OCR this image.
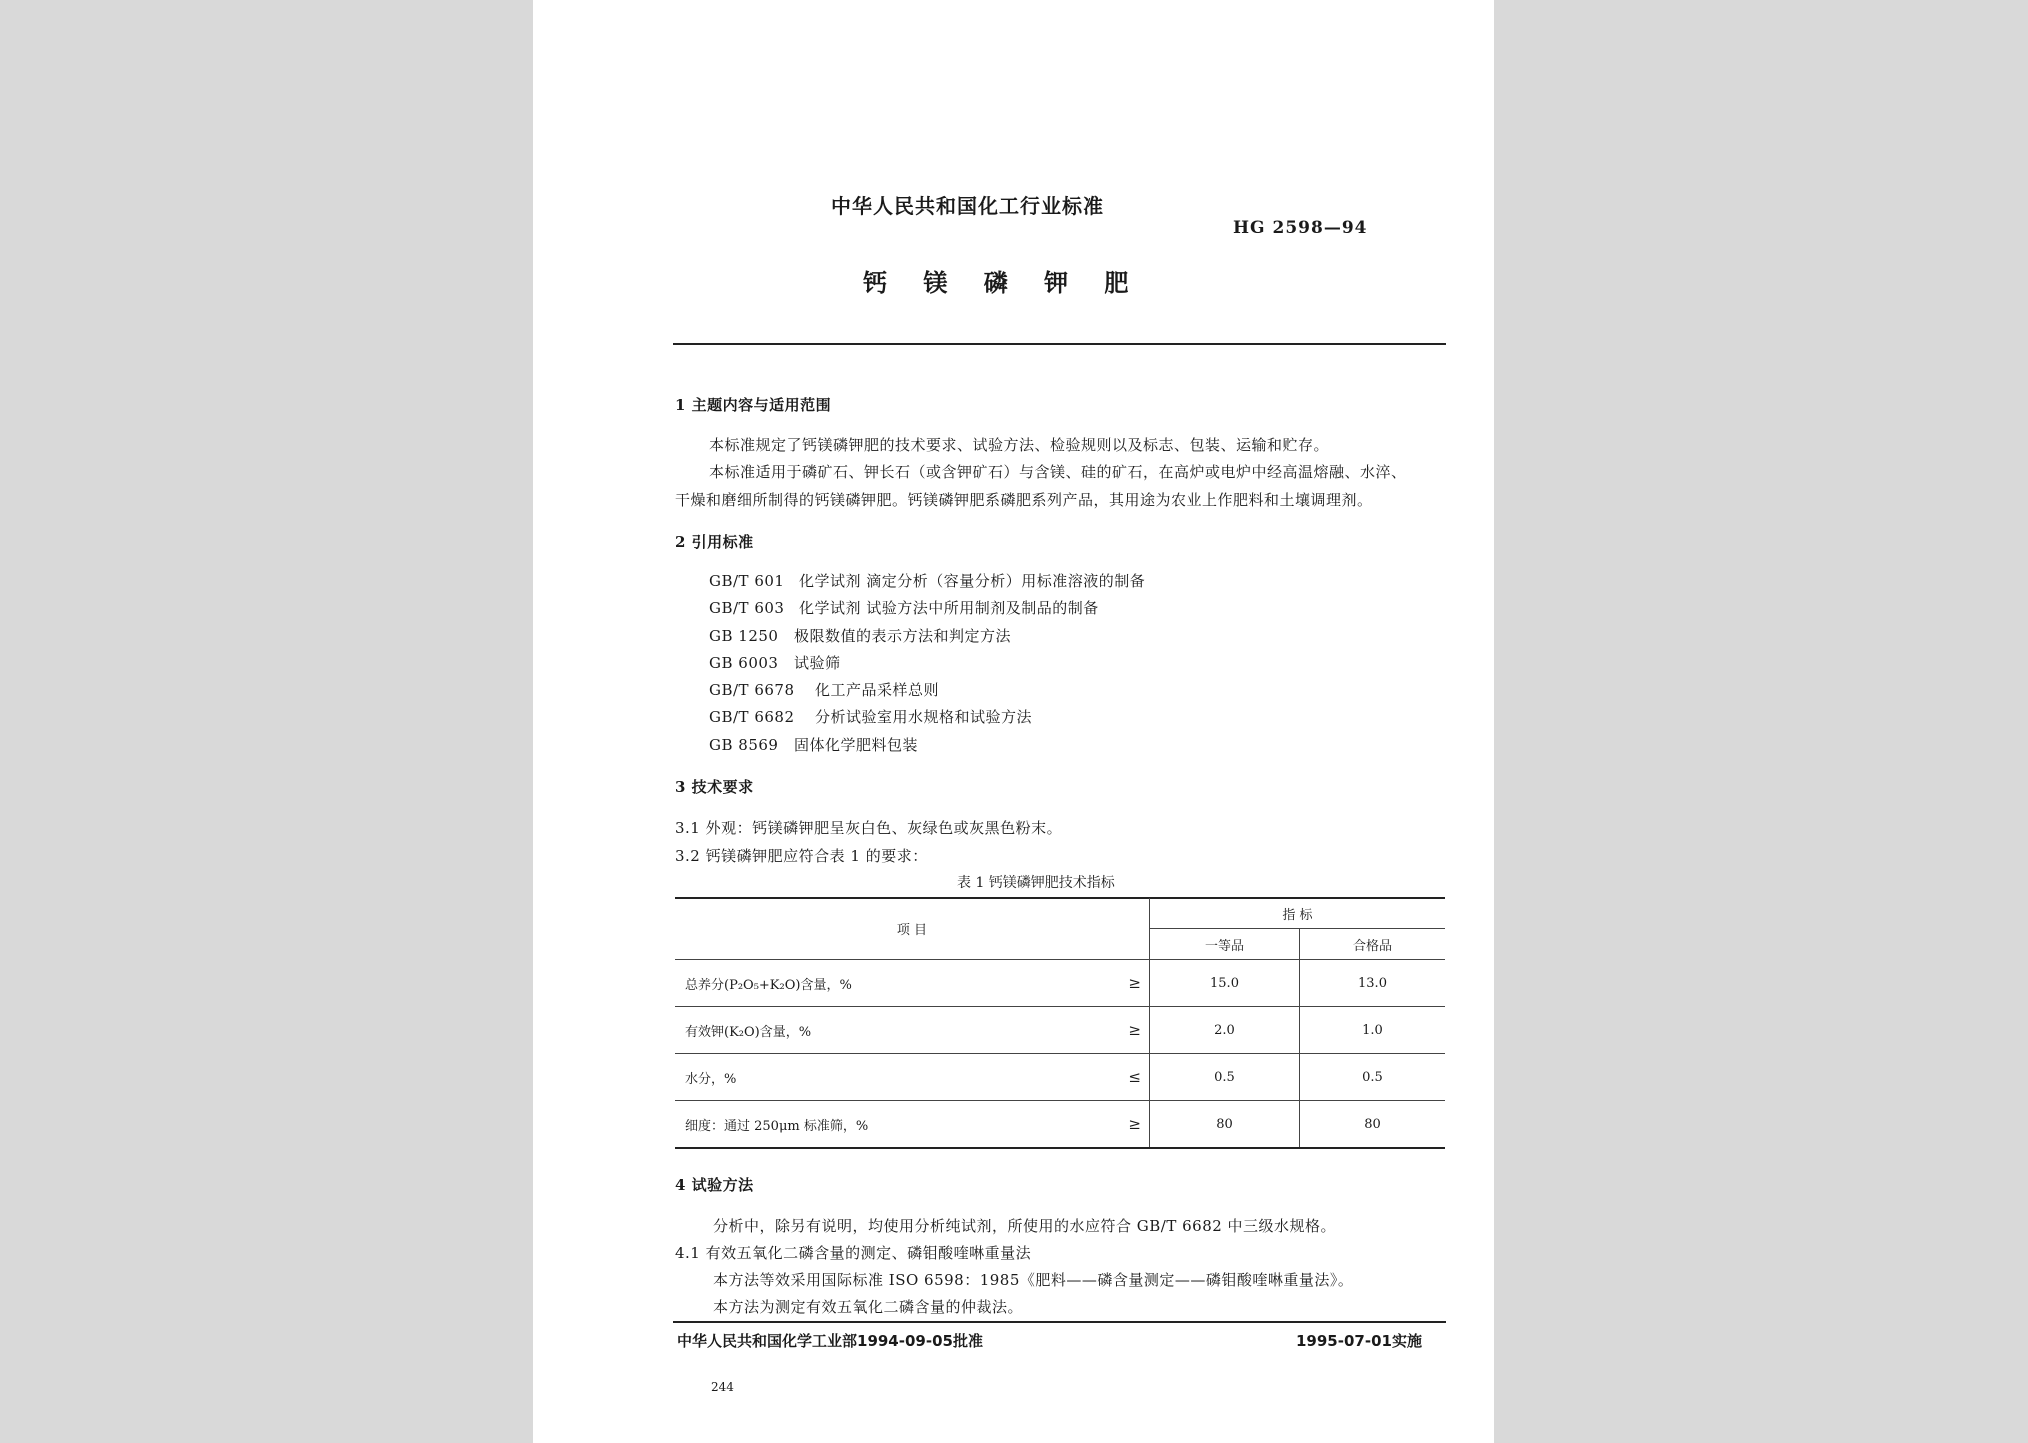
中华人民共和国化工行业标准
HG 2598—94
钙 镁 磷 钾 肥
1 主题内容与适用范围
本标准规定了钙镁磷钾肥的技术要求、试验方法、检验规则以及标志、包装、运输和贮存。
本标准适用于磷矿石、钾长石（或含钾矿石）与含镁、硅的矿石，在高炉或电炉中经高温熔融、水淬、
干燥和磨细所制得的钙镁磷钾肥。钙镁磷钾肥系磷肥系列产品，其用途为农业上作肥料和土壤调理剂。
2 引用标准
GB/T 601 化学试剂 滴定分析（容量分析）用标准溶液的制备
GB/T 603 化学试剂 试验方法中所用制剂及制品的制备
GB 1250 极限数值的表示方法和判定方法
GB 6003 试验筛
GB/T 6678 化工产品采样总则
GB/T 6682 分析试验室用水规格和试验方法
GB 8569 固体化学肥料包装
3 技术要求
3.1 外观：钙镁磷钾肥呈灰白色、灰绿色或灰黑色粉末。
3.2 钙镁磷钾肥应符合表 1 的要求：
表 1 钙镁磷钾肥技术指标
项 目	指 标	
	一等品	合格品
总养分(P₂O₅+K₂O)含量，% ≥	15.0	13.0
有效钾(K₂O)含量，% ≥	2.0	1.0
水分，% ≤	0.5	0.5
细度：通过 250μm 标准筛，% ≥	80	80
4 试验方法
分析中，除另有说明，均使用分析纯试剂，所使用的水应符合 GB/T 6682 中三级水规格。
4.1 有效五氧化二磷含量的测定、磷钼酸喹啉重量法
本方法等效采用国际标准 ISO 6598：1985《肥料——磷含量测定——磷钼酸喹啉重量法》。
本方法为测定有效五氧化二磷含量的仲裁法。
中华人民共和国化学工业部1994-09-05批准	1995-07-01实施
244
